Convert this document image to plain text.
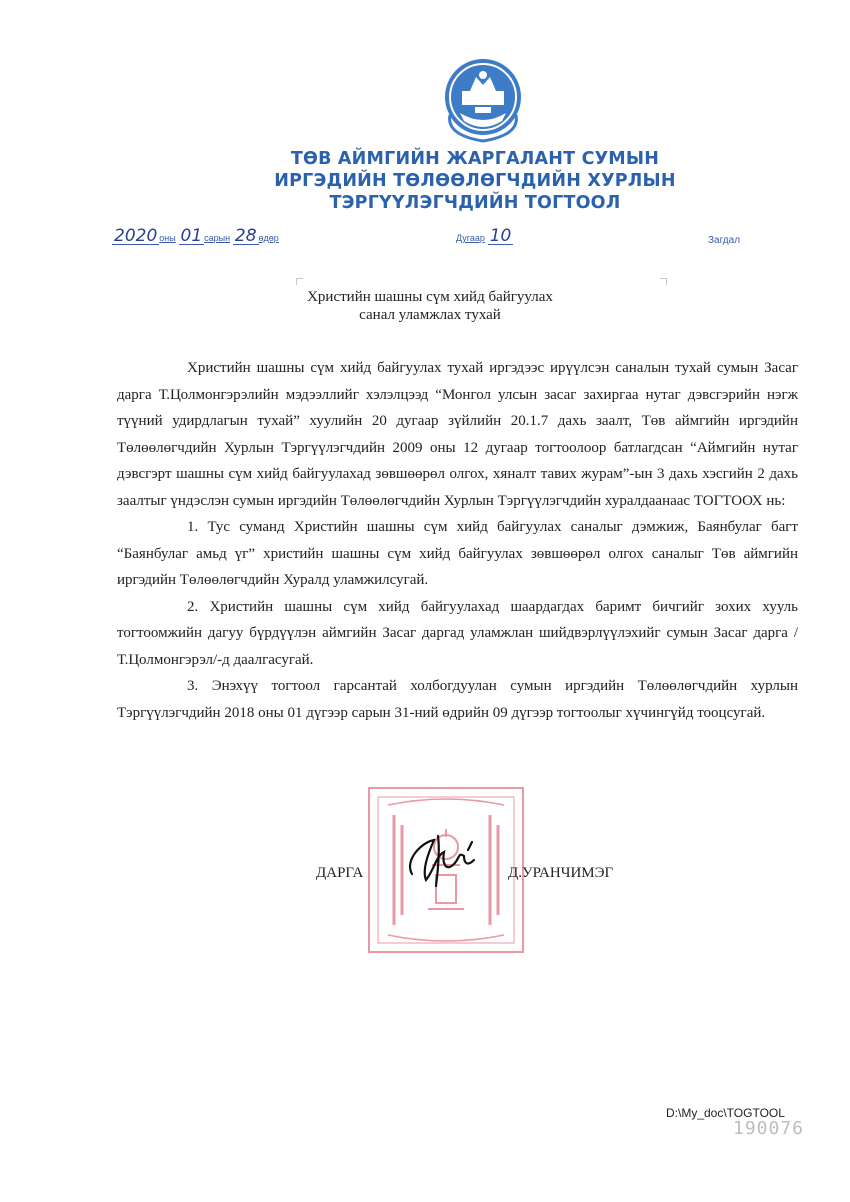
ТӨВ АЙМГИЙН ЖАРГАЛАНТ СУМЫН
ИРГЭДИЙН ТӨЛӨӨЛӨГЧДИЙН ХУРЛЫН
ТЭРГҮҮЛЭГЧДИЙН ТОГТООЛ
2020 оны 01 сарын 28 өдөр	Дугаар 10	Загдал
Христийн шашны сүм хийд байгуулах
санал уламжлах тухай

Христийн шашны сүм хийд байгуулах тухай иргэдээс ирүүлсэн саналын тухай сумын Засаг дарга Т.Цолмонгэрэлийн мэдээллийг хэлэлцээд “Монгол улсын засаг захиргаа нутаг дэвсгэрийн нэгж түүний удирдлагын тухай” хуулийн 20 дугаар зүйлийн 20.1.7 дахь заалт, Төв аймгийн иргэдийн Төлөөлөгчдийн Хурлын Тэргүүлэгчдийн 2009 оны 12 дугаар тогтоолоор батлагдсан “Аймгийн нутаг дэвсгэрт шашны сүм хийд байгуулахад зөвшөөрөл олгох, хяналт тавих журам”-ын 3 дахь хэсгийн 2 дахь заалтыг үндэслэн сумын иргэдийн Төлөөлөгчдийн Хурлын Тэргүүлэгчдийн хуралдаанаас ТОГТООХ нь:

1. Тус суманд Христийн шашны сүм хийд байгуулах саналыг дэмжиж, Баянбулаг багт “Баянбулаг амьд үг” христийн шашны сүм хийд байгуулах зөвшөөрөл олгох саналыг Төв аймгийн иргэдийн Төлөөлөгчдийн Хуралд уламжилсугай.

2. Христийн шашны сүм хийд байгуулахад шаардагдах баримт бичгийг зохих хууль тогтоомжийн дагуу бүрдүүлэн аймгийн Засаг даргад уламжлан шийдвэрлүүлэхийг сумын Засаг дарга /Т.Цолмонгэрэл/-д даалгасугай.

3. Энэхүү тогтоол гарсантай холбогдуулан сумын иргэдийн Төлөөлөгчдийн хурлын Тэргүүлэгчдийн 2018 оны 01 дүгээр сарын 31-ний өдрийн 09 дүгээр тогтоолыг хүчингүйд тооцсугай.

ДАРГА	Д.УРАНЧИМЭГ
D:\My_doc\TOGTOOL
190076
